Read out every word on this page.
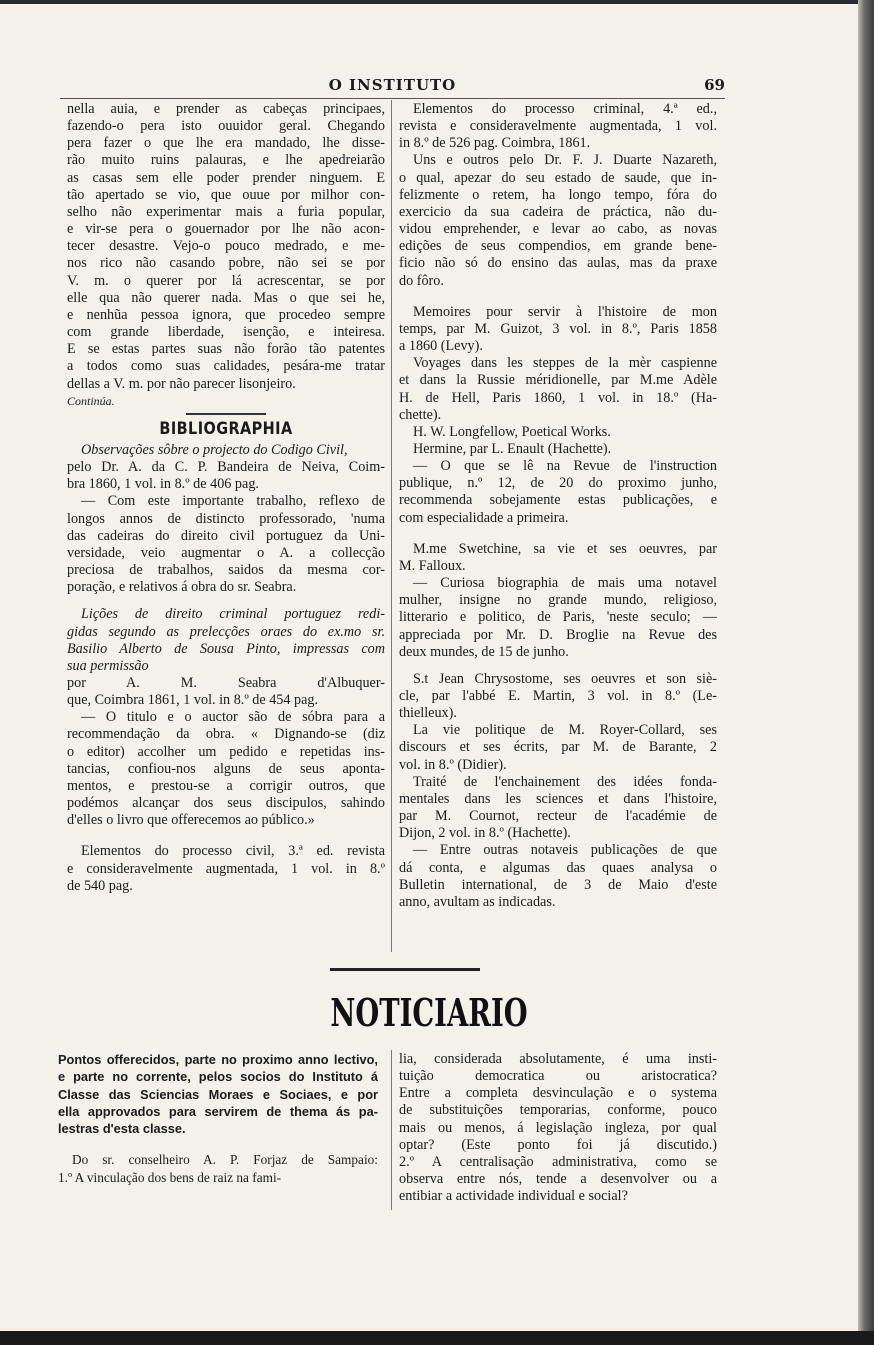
O INSTITUTO	69

nella auia, e prender as cabeças principaes,

fazendo-o pera isto ouuidor geral. Chegando

pera fazer o que lhe era mandado, lhe disse-

rão muito ruins palauras, e lhe apedreiarão

as casas sem elle poder prender ninguem. E

tão apertado se vio, que ouue por milhor con-

selho não experimentar mais a furia popular,

e vir-se pera o gouernador por lhe não acon-

tecer desastre. Vejo-o pouco medrado, e me-

nos rico não casando pobre, não sei se por

V. m. o querer por lá acrescentar, se por

elle qua não querer nada. Mas o que sei he,

e nenhũa pessoa ignora, que procedeo sempre

com grande liberdade, isenção, e inteiresa.

E se estas partes suas não forão tão patentes

a todos como suas calidades, pesára-me tratar

dellas a V. m. por não parecer lisonjeiro.

Continúa.

BIBLIOGRAPHIA

Observações sôbre o projecto do Codigo Civil,

pelo Dr. A. da C. P. Bandeira de Neiva, Coim-

bra 1860, 1 vol. in 8.º de 406 pag.

— Com este importante trabalho, reflexo de

longos annos de distincto professorado, 'numa

das cadeiras do direito civil portuguez da Uni-

versidade, veio augmentar o A. a collecção

preciosa de trabalhos, saidos da mesma cor-

poração, e relativos á obra do sr. Seabra.

Lições de direito criminal portuguez redi-

gidas segundo as prelecções oraes do ex.mo sr.

Basilio Alberto de Sousa Pinto, impressas com

sua permissão

por A. M. Seabra d'Albuquer-

que, Coimbra 1861, 1 vol. in 8.º de 454 pag.

— O titulo e o auctor são de sóbra para a

recommendação da obra. « Dignando-se (diz

o editor) accolher um pedido e repetidas ins-

tancias, confiou-nos alguns de seus aponta-

mentos, e prestou-se a corrigir outros, que

podémos alcançar dos seus discipulos, sahindo

d'elles o livro que offerecemos ao público.»

Elementos do processo civil, 3.ª ed. revista

e consideravelmente augmentada, 1 vol. in 8.º

de 540 pag.

Elementos do processo criminal, 4.ª ed.,

revista e consideravelmente augmentada, 1 vol.

in 8.º de 526 pag. Coimbra, 1861.

Uns e outros pelo Dr. F. J. Duarte Nazareth,

o qual, apezar do seu estado de saude, que in-

felizmente o retem, ha longo tempo, fóra do

exercicio da sua cadeira de práctica, não du-

vidou emprehender, e levar ao cabo, as novas

edições de seus compendios, em grande bene-

ficio não só do ensino das aulas, mas da praxe

do fôro.

Memoires pour servir à l'histoire de mon

temps, par M. Guizot, 3 vol. in 8.º, Paris 1858

a 1860 (Levy).

Voyages dans les steppes de la mèr caspienne

et dans la Russie méridionelle, par M.me Adèle

H. de Hell, Paris 1860, 1 vol. in 18.º (Ha-

chette).

H. W. Longfellow, Poetical Works.

Hermine, par L. Enault (Hachette).

— O que se lê na Revue de l'instruction

publique, n.º 12, de 20 do proximo junho,

recommenda sobejamente estas publicações, e

com especialidade a primeira.

M.me Swetchine, sa vie et ses oeuvres, par

M. Falloux.

— Curiosa biographia de mais uma notavel

mulher, insigne no grande mundo, religioso,

litterario e politico, de Paris, 'neste seculo; —

appreciada por Mr. D. Broglie na Revue des

deux mundes, de 15 de junho.

S.t Jean Chrysostome, ses oeuvres et son siè-

cle, par l'abbé E. Martin, 3 vol. in 8.º (Le-

thielleux).

La vie politique de M. Royer-Collard, ses

discours et ses écrits, par M. de Barante, 2

vol. in 8.º (Didier).

Traité de l'enchainement des idées fonda-

mentales dans les sciences et dans l'histoire,

par M. Cournot, recteur de l'académie de

Dijon, 2 vol. in 8.º (Hachette).

— Entre outras notaveis publicações de que

dá conta, e algumas das quaes analysa o

Bulletin international, de 3 de Maio d'este

anno, avultam as indicadas.

NOTICIARIO

Pontos offerecidos, parte no proximo anno lectivo,

e parte no corrente, pelos socios do Instituto á

Classe das Sciencias Moraes e Sociaes, e por

ella approvados para servirem de thema ás pa-

lestras d'esta classe.

Do sr. conselheiro A. P. Forjaz de Sampaio:

1.º A vinculação dos bens de raiz na fami-

lia, considerada absolutamente, é uma insti-

tuição democratica ou aristocratica?

Entre a completa desvinculação e o systema

de substituições temporarias, conforme, pouco

mais ou menos, á legislação ingleza, por qual

optar? (Este ponto foi já discutido.)

2.º A centralisação administrativa, como se

observa entre nós, tende a desenvolver ou a

entibiar a actividade individual e social?
